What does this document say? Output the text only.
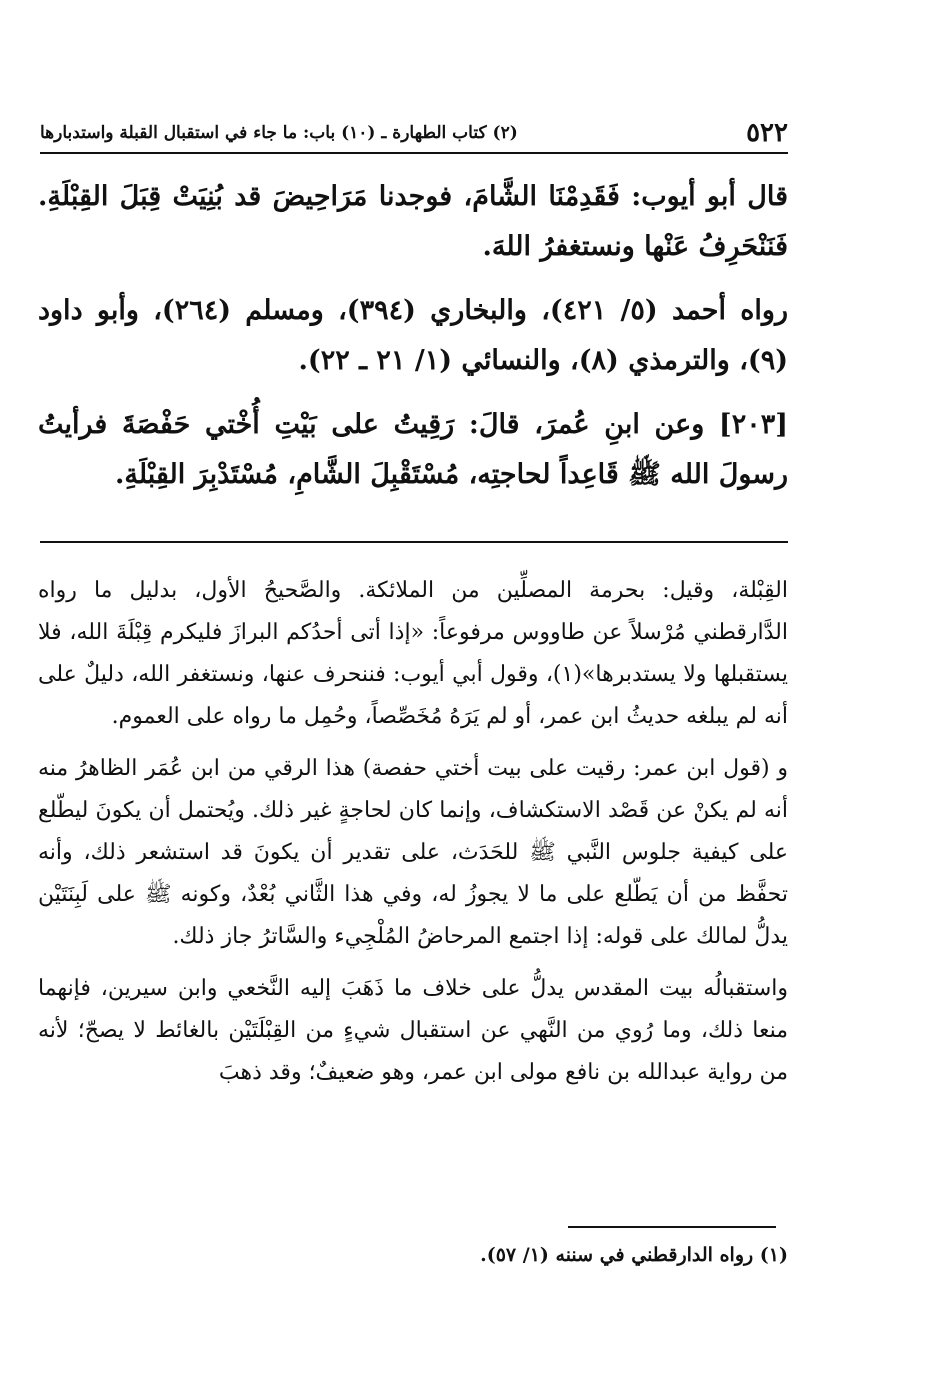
٥٢٢
(٢) كتاب الطهارة ـ (١٠) باب: ما جاء في استقبال القبلة واستدبارها

قال أبو أيوب: فَقَدِمْنَا الشَّامَ، فوجدنا مَرَاحِيضَ قد بُنِيَتْ قِبَلَ القِبْلَةِ. فَنَنْحَرِفُ عَنْها ونستغفرُ اللهَ.

رواه أحمد (٥/ ٤٢١)، والبخاري (٣٩٤)، ومسلم (٢٦٤)، وأبو داود (٩)، والترمذي (٨)، والنسائي (١/ ٢١ ـ ٢٢).

[٢٠٣] وعن ابنِ عُمرَ، قالَ: رَقِيتُ على بَيْتِ أُخْتي حَفْصَةَ فرأيتُ رسولَ الله ﷺ قَاعِداً لحاجتِه، مُسْتَقْبِلَ الشَّامِ، مُسْتَدْبِرَ القِبْلَةِ.

القِبْلة، وقيل: بحرمة المصلِّين من الملائكة. والصَّحيحُ الأول، بدليل ما رواه الدَّارقطني مُرْسلاً عن طاووس مرفوعاً: «إذا أتى أحدُكم البرازَ فليكرم قِبْلَةَ الله، فلا يستقبلها ولا يستدبرها»(١)، وقول أبي أيوب: فننحرف عنها، ونستغفر الله، دليلٌ على أنه لم يبلغه حديثُ ابن عمر، أو لم يَرَهُ مُخَصِّصاً، وحُمِل ما رواه على العموم.

و (قول ابن عمر: رقيت على بيت أختي حفصة) هذا الرقي من ابن عُمَر الظاهرُ منه أنه لم يكنْ عن قَصْد الاستكشاف، وإنما كان لحاجةٍ غير ذلك. ويُحتمل أن يكونَ ليطّلع على كيفية جلوس النَّبي ﷺ للحَدَث، على تقدير أن يكونَ قد استشعر ذلك، وأنه تحفَّظ من أن يَطّلع على ما لا يجوزُ له، وفي هذا الثَّاني بُعْدٌ، وكونه ﷺ على لَبِنَتَيْن يدلُّ لمالك على قوله: إذا اجتمع المرحاضُ المُلْجِيء والسَّاترُ جاز ذلك.

واستقبالُه بيت المقدس يدلُّ على خلاف ما ذَهَبَ إليه النَّخعي وابن سيرين، فإنهما منعا ذلك، وما رُوي من النَّهي عن استقبال شيءٍ من القِبْلَتَيْن بالغائط لا يصحّ؛ لأنه من رواية عبدالله بن نافع مولى ابن عمر، وهو ضعيفٌ؛ وقد ذهبَ

(١) رواه الدارقطني في سننه (١/ ٥٧).
